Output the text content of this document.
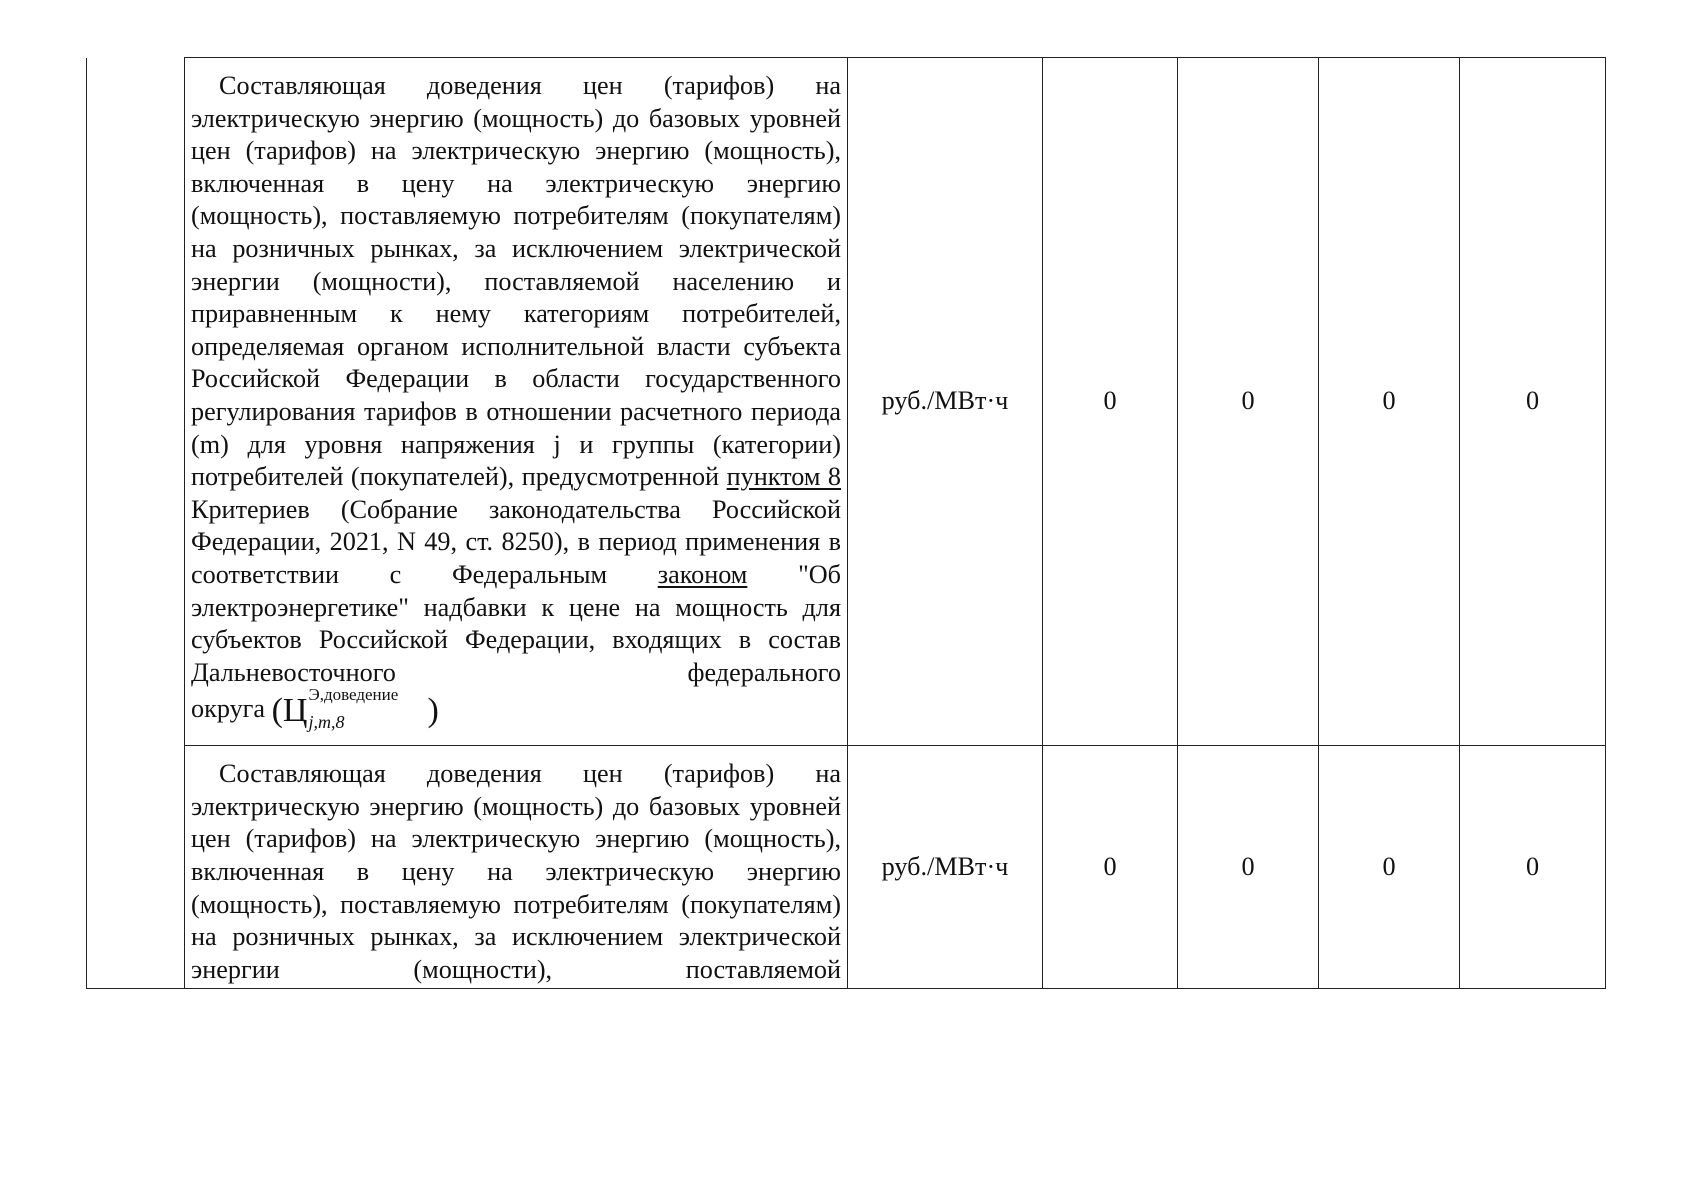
	Составляющая доведения цен (тарифов) на электрическую энергию (мощность) до базовых уровней цен (тарифов) на электрическую энергию (мощность), включенная в цену на электрическую энергию (мощность), поставляемую потребителям (покупателям) на розничных рынках, за исключением электрической энергии (мощности), поставляемой населению и приравненным к нему категориям потребителей, определяемая органом исполнительной власти субъекта Российской Федерации в области государственного регулирования тарифов в отношении расчетного периода (m) для уровня напряжения j и группы (категории) потребителей (покупателей), предусмотренной пунктом 8 Критериев (Собрание законодательства Российской Федерации, 2021, N 49, ст. 8250), в период применения в соответствии с Федеральным законом "Об электроэнергетике" надбавки к цене на мощность для субъектов Российской Федерации, входящих в состав Дальневосточного федерального

округа (Ц Э,доведение
j,m,8 )	руб./МВт·ч	0	0	0	0

	Составляющая доведения цен (тарифов) на электрическую энергию (мощность) до базовых уровней цен (тарифов) на электрическую энергию (мощность), включенная в цену на электрическую энергию (мощность), поставляемую потребителям (покупателям) на розничных рынках, за исключением электрической энергии (мощности), поставляемой	руб./МВт·ч	0	0	0	0
